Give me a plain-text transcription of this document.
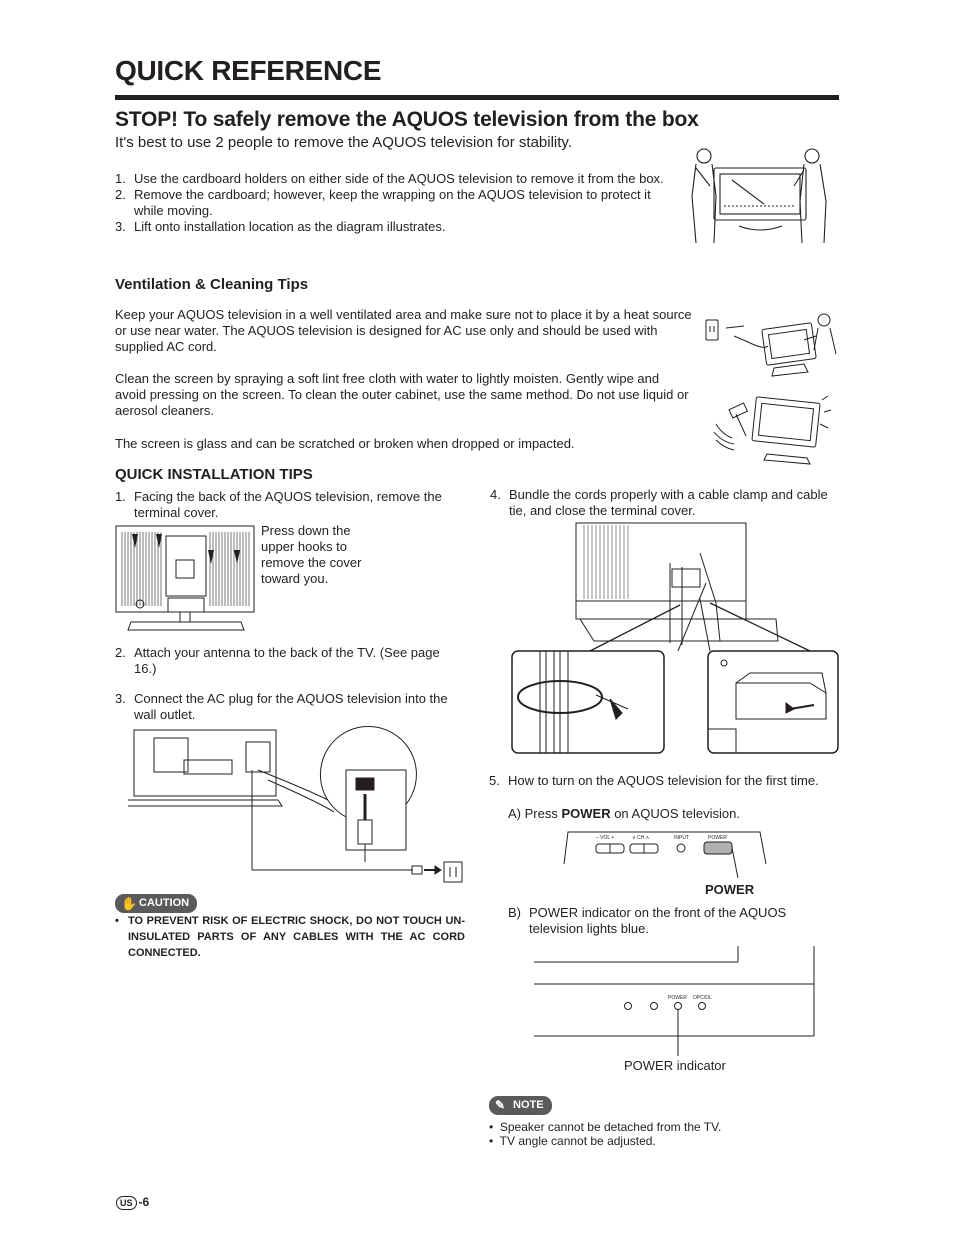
QUICK REFERENCE
STOP! To safely remove the AQUOS television from the box
It's best to use 2 people to remove the AQUOS television for stability.
1. Use the cardboard holders on either side of the AQUOS television to remove it from the box.
2. Remove the cardboard; however, keep the wrapping on the AQUOS television to protect it while moving.
3. Lift onto installation location as the diagram illustrates.
Ventilation & Cleaning Tips
Keep your AQUOS television in a well ventilated area and make sure not to place it by a heat source or use near water. The AQUOS television is designed for AC use only and should be used with supplied AC cord.
Clean the screen by spraying a soft lint free cloth with water to lightly moisten. Gently wipe and avoid pressing on the screen. To clean the outer cabinet, use the same method. Do not use liquid or aerosol cleaners.
The screen is glass and can be scratched or broken when dropped or impacted.
QUICK INSTALLATION TIPS
1. Facing the back of the AQUOS television, remove the terminal cover.
Press down the upper hooks to remove the cover toward you.
2. Attach your antenna to the back of the TV. (See page 16.)
3. Connect the AC plug for the AQUOS television into the wall outlet.
✋ CAUTION
• TO PREVENT RISK OF ELECTRIC SHOCK, DO NOT TOUCH UN-INSULATED PARTS OF ANY CABLES WITH THE AC CORD CONNECTED.
4. Bundle the cords properly with a cable clamp and cable tie, and close the terminal cover.
5. How to turn on the AQUOS television for the first time.
A) Press POWER on AQUOS television.
– VOL +	∨ CH ∧	INPUT	POWER
POWER
B) POWER indicator on the front of the AQUOS television lights blue.
POWER OPC/DL
POWER indicator
✎ NOTE
•  Speaker cannot be detached from the TV.
•  TV angle cannot be adjusted.
US -6
